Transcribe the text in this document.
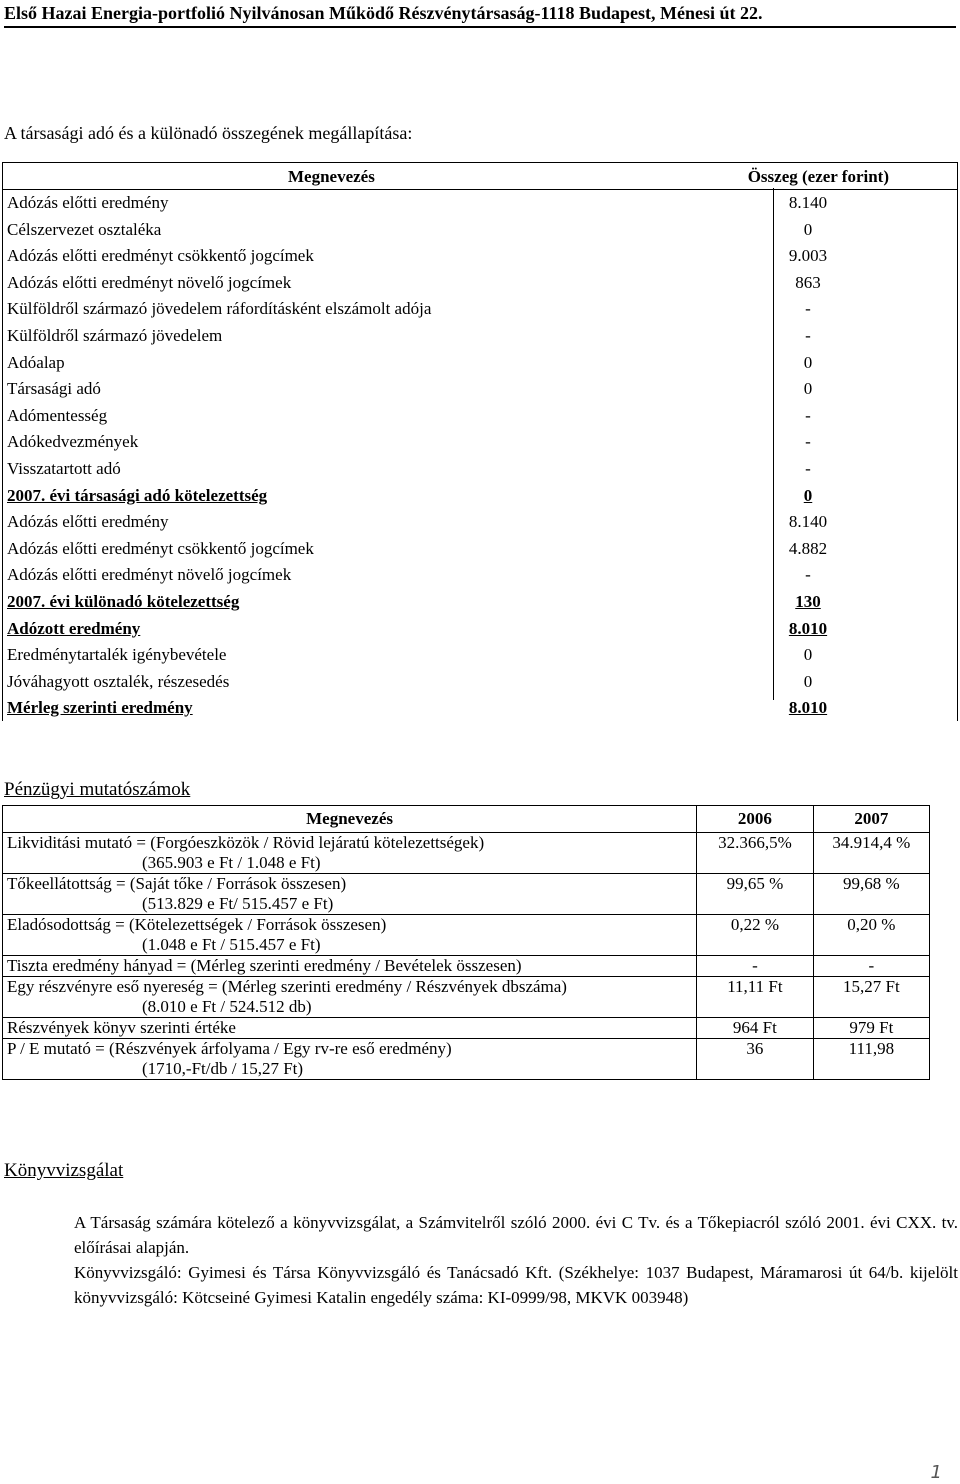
Első Hazai Energia-portfolió Nyilvánosan Működő Részvénytársaság-1118 Budapest, Ménesi út 22.
A társasági adó és a különadó összegének megállapítása:
Megnevezés	Összeg (ezer forint)
Adózás előtti eredmény	8.140
Célszervezet osztaléka	0
Adózás előtti eredményt csökkentő jogcímek	9.003
Adózás előtti eredményt növelő jogcímek	863
Külföldről származó jövedelem ráfordításként elszámolt adója	-
Külföldről származó jövedelem	-
Adóalap	0
Társasági adó	0
Adómentesség	-
Adókedvezmények	-
Visszatartott adó	-
2007. évi társasági adó kötelezettség	0
Adózás előtti eredmény	8.140
Adózás előtti eredményt csökkentő jogcímek	4.882
Adózás előtti eredményt növelő jogcímek	-
2007. évi különadó kötelezettség	130
Adózott eredmény	8.010
Eredménytartalék igénybevétele	0
Jóváhagyott osztalék, részesedés	0
Mérleg szerinti eredmény	8.010
Pénzügyi mutatószámok
Megnevezés	2006	2007

Likviditási mutató = (Forgóeszközök / Rövid lejáratú kötelezettségek)
(365.903 e Ft / 1.048 e Ft)	32.366,5%	34.914,4 %

Tőkeellátottság = (Saját tőke / Források összesen)
(513.829 e Ft/ 515.457 e Ft)	99,65 %	99,68 %

Eladósodottság = (Kötelezettségek / Források összesen)
(1.048 e Ft / 515.457 e Ft)	0,22 %	0,20 %

Tiszta eredmény hányad = (Mérleg szerinti eredmény / Bevételek összesen)	-	-

Egy részvényre eső nyereség = (Mérleg szerinti eredmény / Részvények dbszáma)
(8.010 e Ft / 524.512 db)	11,11 Ft	15,27 Ft

Részvények könyv szerinti értéke	964 Ft	979 Ft

P / E mutató = (Részvények árfolyama / Egy rv-re eső eredmény)
(1710,-Ft/db / 15,27 Ft)	36	111,98
Könyvvizsgálat
A Társaság számára kötelező a könyvvizsgálat, a Számvitelről szóló 2000. évi C Tv. és a Tőkepiacról szóló 2001. évi CXX. tv. előírásai alapján.
Könyvvizsgáló: Gyimesi és Társa Könyvvizsgáló és Tanácsadó Kft. (Székhelye: 1037 Budapest, Máramarosi út 64/b. kijelölt könyvvizsgáló: Kötcseiné Gyimesi Katalin engedély száma: KI-0999/98, MKVK 003948)
1
